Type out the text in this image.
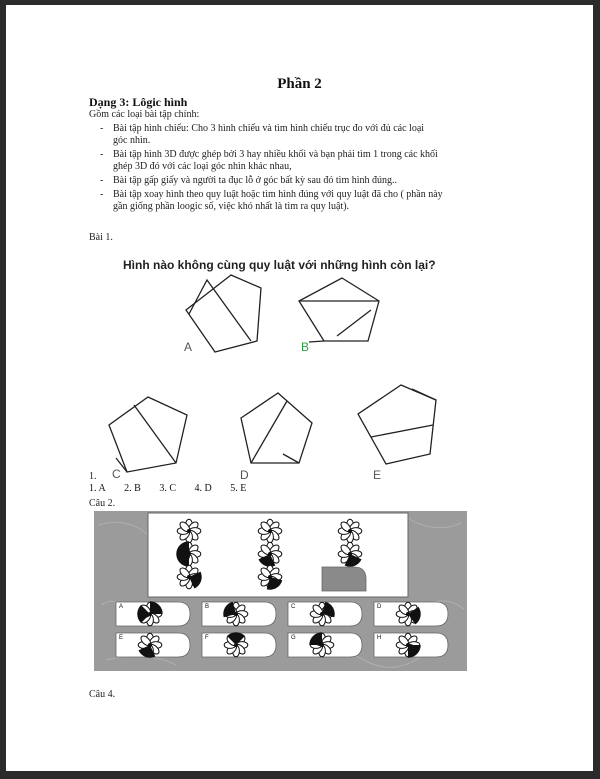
Phần 2
Dạng 3: Lôgic hình
Gồm các loại bài tập chính:
- Bài tập hình chiếu: Cho 3 hình chiếu và tìm hình chiếu trục đo với đủ các loại
góc nhìn.
- Bài tập hình 3D được ghép bởi 3 hay nhiều khối và bạn phải tìm 1 trong các khối
ghép 3D đó với các loại góc nhìn khác nhau,
- Bài tập gấp giấy và người ta đục lỗ ở góc bất kỳ sau đó tìm hình đúng..
- Bài tập xoay hình theo quy luật hoặc tìm hình đúng với quy luật đã cho ( phần này
gần giống phần loogic số, việc khó nhất là tìm ra quy luật).
Bài 1.
Hình nào không cùng quy luật với những hình còn lại?
A	B
C	D	E
1.
1. A 2. B 3. C 4. D 5. E
Câu 2.
A	B	C	D
E	F	G	H
Câu 4.
